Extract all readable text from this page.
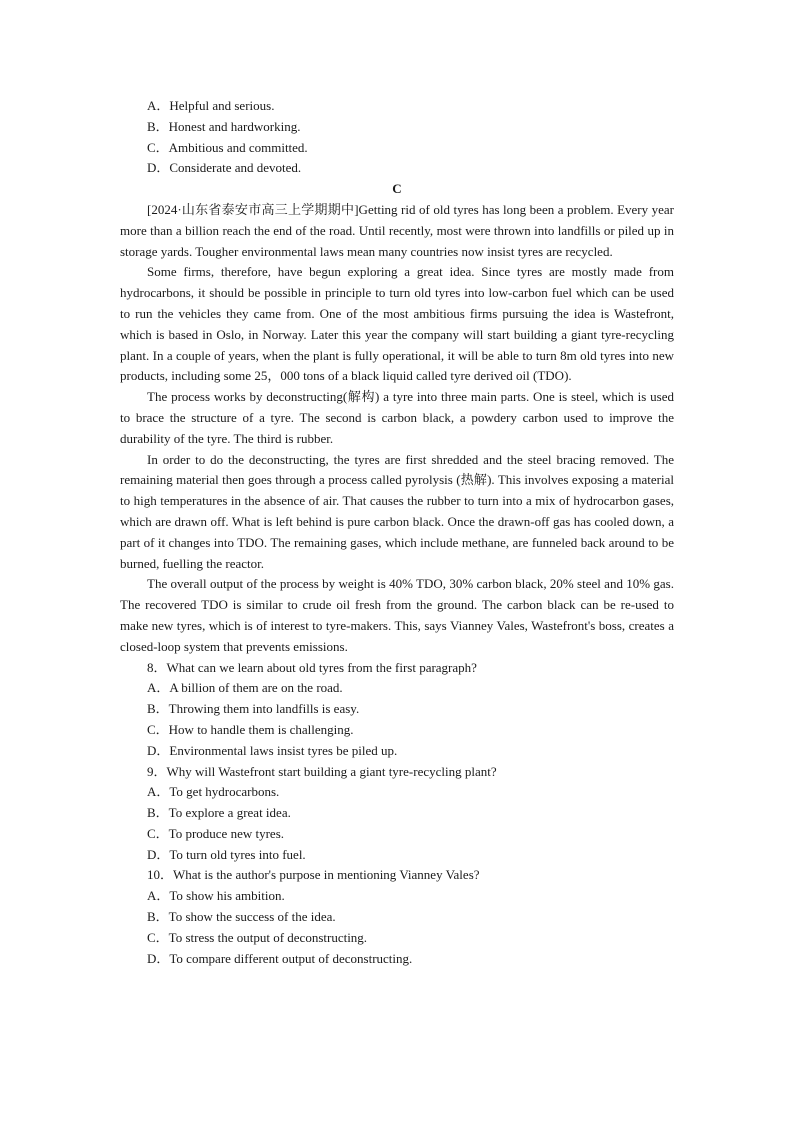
A．Helpful and serious.

B．Honest and hardworking.

C．Ambitious and committed.

D．Considerate and devoted.

C

[2024·山东省泰安市高三上学期期中]Getting rid of old tyres has long been a problem. Every year more than a billion reach the end of the road. Until recently, most were thrown into landfills or piled up in storage yards. Tougher environmental laws mean many countries now insist tyres are recycled.

Some firms, therefore, have begun exploring a great idea. Since tyres are mostly made from hydrocarbons, it should be possible in principle to turn old tyres into low-carbon fuel which can be used to run the vehicles they came from. One of the most ambitious firms pursuing the idea is Wastefront, which is based in Oslo, in Norway. Later this year the company will start building a giant tyre-recycling plant. In a couple of years, when the plant is fully operational, it will be able to turn 8m old tyres into new products, including some 25，000 tons of a black liquid called tyre derived oil (TDO).

The process works by deconstructing(解构) a tyre into three main parts. One is steel, which is used to brace the structure of a tyre. The second is carbon black, a powdery carbon used to improve the durability of the tyre. The third is rubber.

In order to do the deconstructing, the tyres are first shredded and the steel bracing removed. The remaining material then goes through a process called pyrolysis (热解). This involves exposing a material to high temperatures in the absence of air. That causes the rubber to turn into a mix of hydrocarbon gases, which are drawn off. What is left behind is pure carbon black. Once the drawn-off gas has cooled down, a part of it changes into TDO. The remaining gases, which include methane, are funneled back around to be burned, fuelling the reactor.

The overall output of the process by weight is 40% TDO, 30% carbon black, 20% steel and 10% gas. The recovered TDO is similar to crude oil fresh from the ground. The carbon black can be re-used to make new tyres, which is of interest to tyre-makers. This, says Vianney Vales, Wastefront's boss, creates a closed-loop system that prevents emissions.

8．What can we learn about old tyres from the first paragraph?

A．A billion of them are on the road.

B．Throwing them into landfills is easy.

C．How to handle them is challenging.

D．Environmental laws insist tyres be piled up.

9．Why will Wastefront start building a giant tyre-recycling plant?

A．To get hydrocarbons.

B．To explore a great idea.

C．To produce new tyres.

D．To turn old tyres into fuel.

10．What is the author's purpose in mentioning Vianney Vales?

A．To show his ambition.

B．To show the success of the idea.

C．To stress the output of deconstructing.

D．To compare different output of deconstructing.
